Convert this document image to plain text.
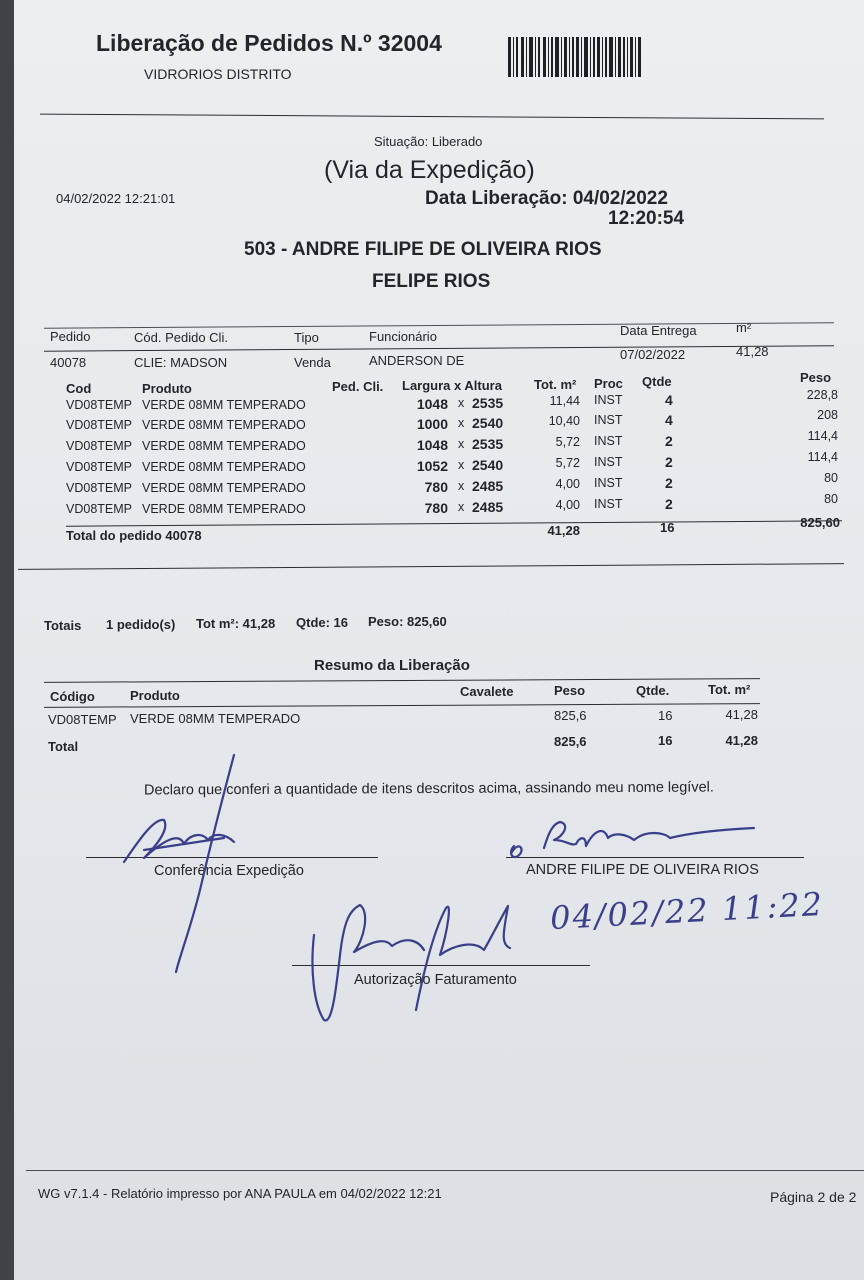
Liberação de Pedidos N.º 32004
VIDRORIOS DISTRITO
Situação: Liberado
(Via da Expedição)
04/02/2022 12:21:01	Data Liberação: 04/02/2022
12:20:54
503 - ANDRE FILIPE DE OLIVEIRA RIOS
FELIPE RIOS
Pedido	Cód. Pedido Cli.	Tipo	Funcionário	Data Entrega	m²
40078	CLIE: MADSON	Venda	ANDERSON DE	07/02/2022	41,28
Cod	Produto	Ped. Cli. Largura x Altura Tot. m² Proc Qtde	Peso
VD08TEMP VERDE 08MM TEMPERADO	1048 x 2535	11,44 INST	4	228,8
VD08TEMP VERDE 08MM TEMPERADO	1000 x 2540	10,40 INST	4	208
VD08TEMP VERDE 08MM TEMPERADO	1048 x 2535	5,72 INST	2	114,4
VD08TEMP VERDE 08MM TEMPERADO	1052 x 2540	5,72 INST	2	114,4
VD08TEMP VERDE 08MM TEMPERADO	780 x 2485	4,00 INST	2	80
VD08TEMP VERDE 08MM TEMPERADO	780 x 2485	4,00 INST	2	80
Total do pedido 40078	41,28	16	825,60
Totais 1 pedido(s) Tot m²: 41,28 Qtde: 16 Peso: 825,60
Resumo da Liberação
Código	Produto	Cavalete	Peso	Qtde.	Tot. m²
VD08TEMP VERDE 08MM TEMPERADO	825,6	16	41,28
Total	825,6	16	41,28
Declaro que conferi a quantidade de itens descritos acima, assinando meu nome legível.
Conferência Expedição	ANDRE FILIPE DE OLIVEIRA RIOS
04/02/22 11:22
Autorização Faturamento
WG v7.1.4 - Relatório impresso por ANA PAULA em 04/02/2022 12:21	Página 2 de 2
